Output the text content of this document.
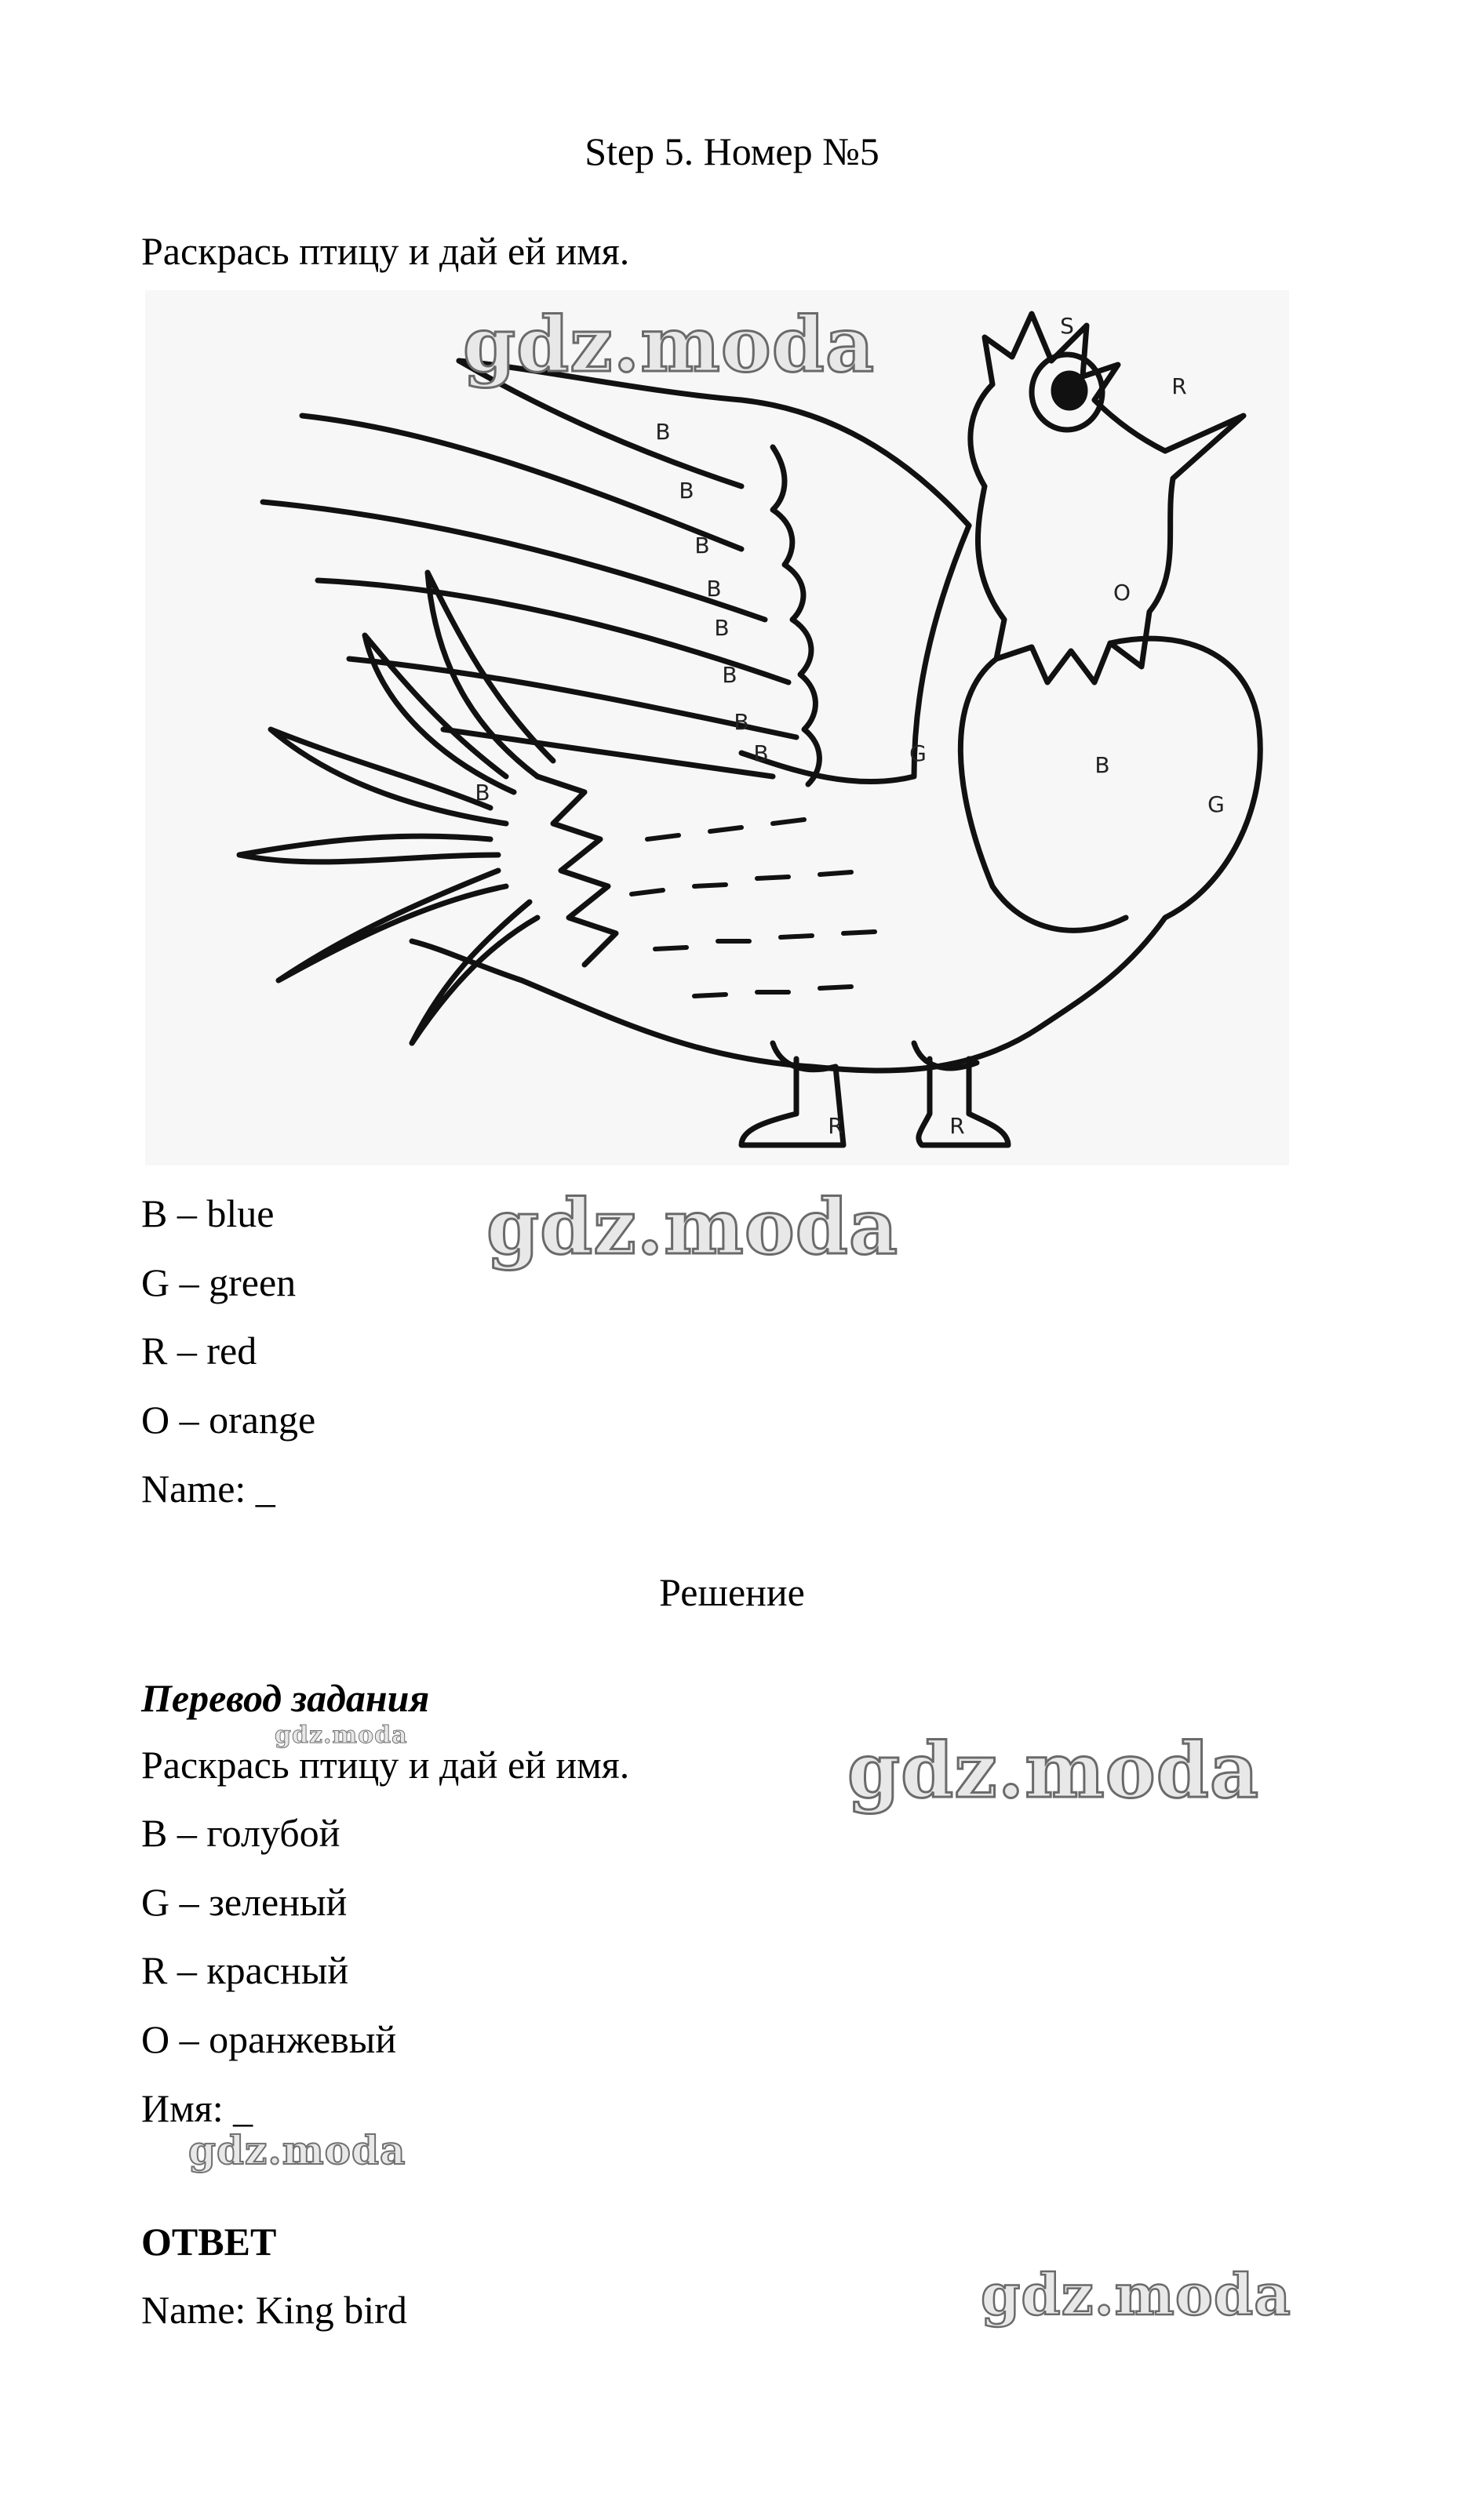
Step 5. Номер №5
Раскрась птицу и дай ей имя.
B
B
B
B
B
B
B
B	B
B
G
G
O
R
R	R
S
B – blue
G – green
R – red
O – orange
Name: _
Решение
Перевод задания
Раскрась птицу и дай ей имя.
B – голубой
G – зеленый
R – красный
O – оранжевый
Имя: _
ОТВЕТ
Name: King bird
gdz.moda
gdz.moda
gdz.moda	gdz.moda
gdz.moda
gdz.moda
